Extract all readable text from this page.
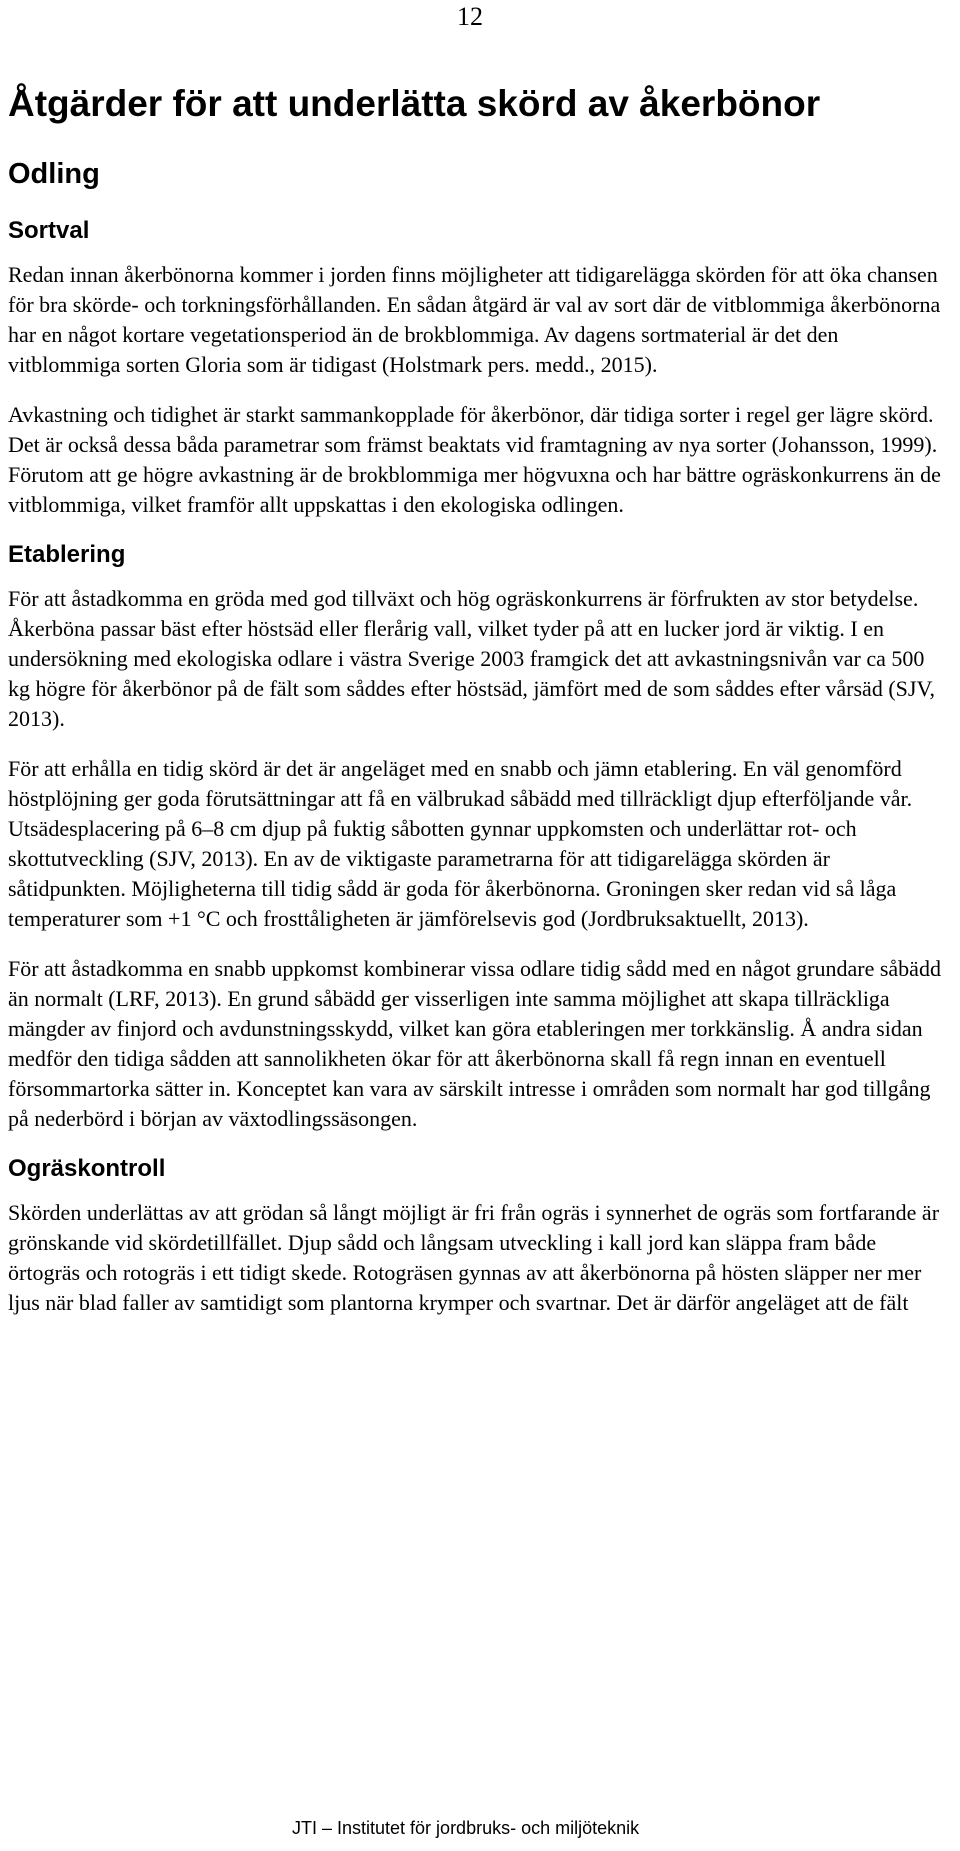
12
Åtgärder för att underlätta skörd av åkerbönor
Odling
Sortval

Redan innan åkerbönorna kommer i jorden finns möjligheter att tidigarelägga skörden för att öka chansen för bra skörde- och torkningsförhållanden. En sådan åtgärd är val av sort där de vitblommiga åkerbönorna har en något kortare vegetationsperiod än de brokblommiga. Av dagens sortmaterial är det den vitblommiga sorten Gloria som är tidigast (Holstmark pers. medd., 2015).

Avkastning och tidighet är starkt sammankopplade för åkerbönor, där tidiga sorter i regel ger lägre skörd. Det är också dessa båda parametrar som främst beaktats vid framtagning av nya sorter (Johansson, 1999). Förutom att ge högre avkastning är de brokblommiga mer högvuxna och har bättre ogräskonkurrens än de vitblommiga, vilket framför allt uppskattas i den ekologiska odlingen.

Etablering

För att åstadkomma en gröda med god tillväxt och hög ogräskonkurrens är förfrukten av stor betydelse. Åkerböna passar bäst efter höstsäd eller flerårig vall, vilket tyder på att en lucker jord är viktig. I en undersökning med ekologiska odlare i västra Sverige 2003 framgick det att avkastningsnivån var ca 500 kg högre för åkerbönor på de fält som såddes efter höstsäd, jämfört med de som såddes efter vårsäd (SJV, 2013).

För att erhålla en tidig skörd är det är angeläget med en snabb och jämn etablering. En väl genomförd höstplöjning ger goda förutsättningar att få en välbrukad såbädd med tillräckligt djup efterföljande vår. Utsädesplacering på 6–8 cm djup på fuktig såbotten gynnar uppkomsten och underlättar rot- och skottutveckling (SJV, 2013). En av de viktigaste parametrarna för att tidigarelägga skörden är såtidpunkten. Möjligheterna till tidig sådd är goda för åkerbönorna. Groningen sker redan vid så låga temperaturer som +1 °C och frosttåligheten är jämförelsevis god (Jordbruksaktuellt, 2013).

För att åstadkomma en snabb uppkomst kombinerar vissa odlare tidig sådd med en något grundare såbädd än normalt (LRF, 2013). En grund såbädd ger visserligen inte samma möjlighet att skapa tillräckliga mängder av finjord och avdunstningsskydd, vilket kan göra etableringen mer torkkänslig. Å andra sidan medför den tidiga sådden att sannolikheten ökar för att åkerbönorna skall få regn innan en eventuell försommartorka sätter in. Konceptet kan vara av särskilt intresse i områden som normalt har god tillgång på nederbörd i början av växtodlingssäsongen.

Ogräskontroll

Skörden underlättas av att grödan så långt möjligt är fri från ogräs i synnerhet de ogräs som fortfarande är grönskande vid skördetillfället. Djup sådd och långsam utveckling i kall jord kan släppa fram både örtogräs och rotogräs i ett tidigt skede. Rotogräsen gynnas av att åkerbönorna på hösten släpper ner mer ljus när blad faller av samtidigt som plantorna krymper och svartnar. Det är därför angeläget att de fält

JTI – Institutet för jordbruks- och miljöteknik
